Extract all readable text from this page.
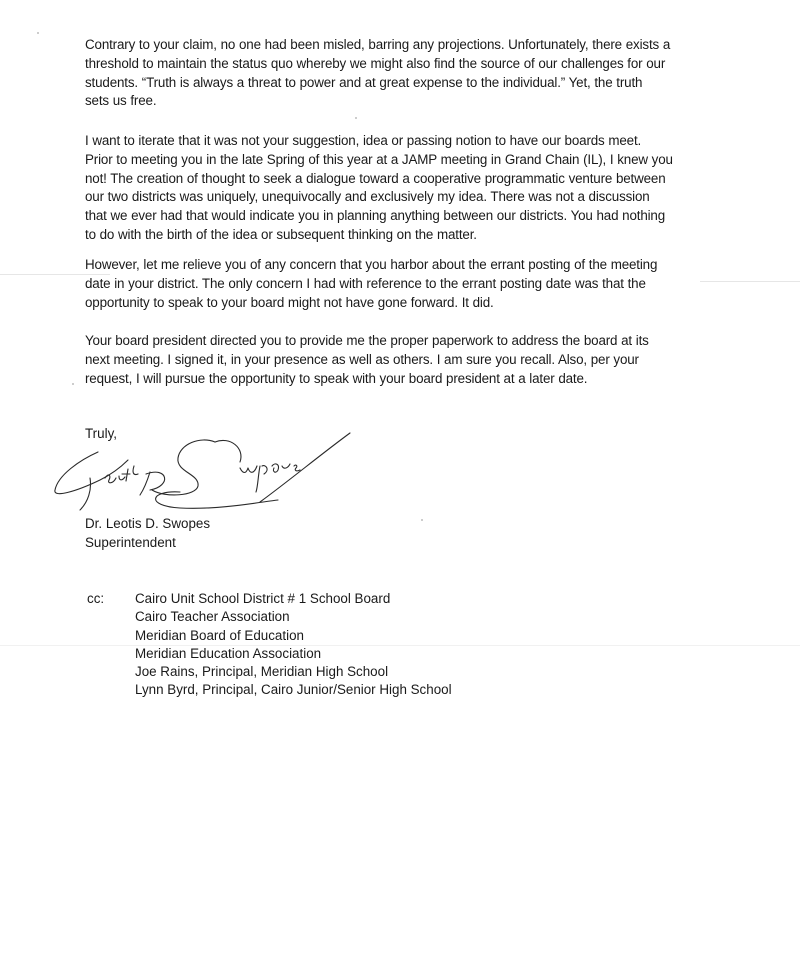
Contrary to your claim, no one had been misled, barring any projections. Unfortunately, there exists a
threshold to maintain the status quo whereby we might also find the source of our challenges for our
students. “Truth is always a threat to power and at great expense to the individual.” Yet, the truth
sets us free.

I want to iterate that it was not your suggestion, idea or passing notion to have our boards meet.
Prior to meeting you in the late Spring of this year at a JAMP meeting in Grand Chain (IL), I knew you
not! The creation of thought to seek a dialogue toward a cooperative programmatic venture between
our two districts was uniquely, unequivocally and exclusively my idea. There was not a discussion
that we ever had that would indicate you in planning anything between our districts. You had nothing
to do with the birth of the idea or subsequent thinking on the matter.

However, let me relieve you of any concern that you harbor about the errant posting of the meeting
date in your district. The only concern I had with reference to the errant posting date was that the
opportunity to speak to your board might not have gone forward. It did.

Your board president directed you to provide me the proper paperwork to address the board at its
next meeting. I signed it, in your presence as well as others. I am sure you recall. Also, per your
request, I will pursue the opportunity to speak with your board president at a later date.

Truly,
Dr. Leotis D. Swopes
Superintendent
cc: Cairo Unit School District # 1 School Board
Cairo Teacher Association
Meridian Board of Education
Meridian Education Association
Joe Rains, Principal, Meridian High School
Lynn Byrd, Principal, Cairo Junior/Senior High School
